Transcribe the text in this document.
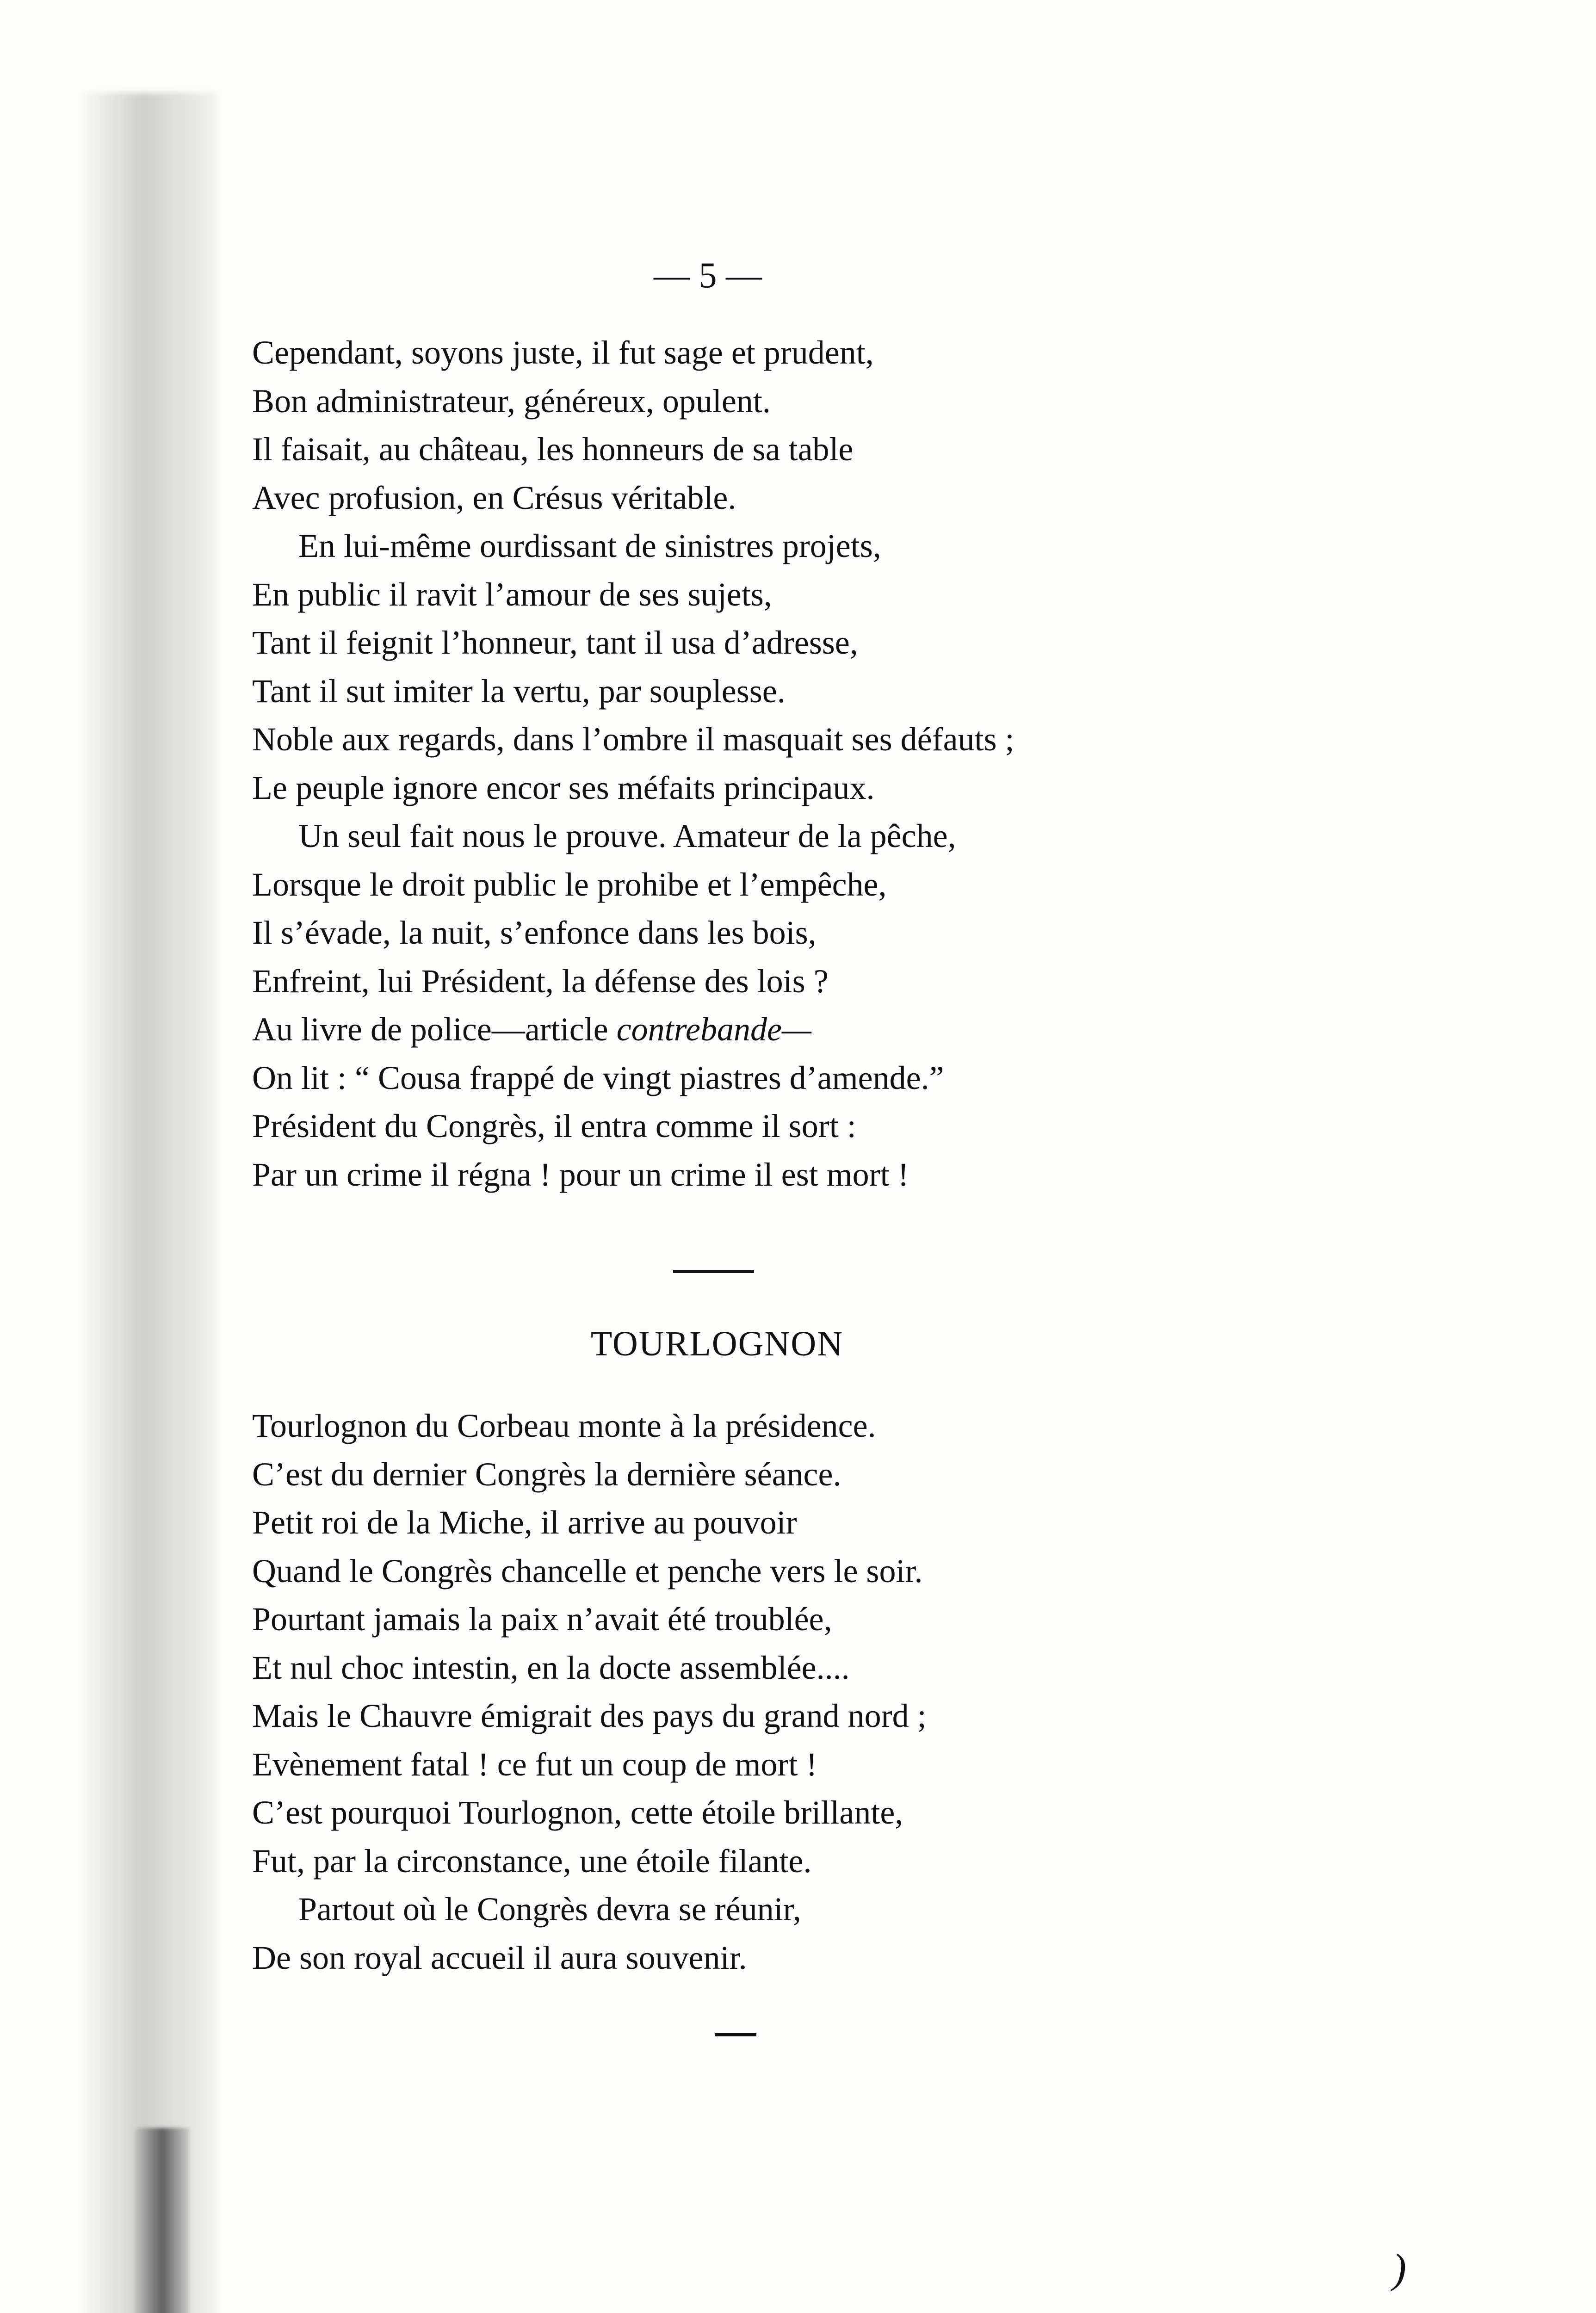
— 5 —
Cependant, soyons juste, il fut sage et prudent,
Bon administrateur, généreux, opulent.
Il faisait, au château, les honneurs de sa table
Avec profusion, en Crésus véritable.
En lui-même ourdissant de sinistres projets,
En public il ravit l’amour de ses sujets,
Tant il feignit l’honneur, tant il usa d’adresse,
Tant il sut imiter la vertu, par souplesse.
Noble aux regards, dans l’ombre il masquait ses défauts ;
Le peuple ignore encor ses méfaits principaux.
Un seul fait nous le prouve. Amateur de la pêche,
Lorsque le droit public le prohibe et l’empêche,
Il s’évade, la nuit, s’enfonce dans les bois,
Enfreint, lui Président, la défense des lois ?
Au livre de police—article contrebande—
On lit : “ Cousa frappé de vingt piastres d’amende.”
Président du Congrès, il entra comme il sort :
Par un crime il régna ! pour un crime il est mort !
TOURLOGNON
Tourlognon du Corbeau monte à la présidence.
C’est du dernier Congrès la dernière séance.
Petit roi de la Miche, il arrive au pouvoir
Quand le Congrès chancelle et penche vers le soir.
Pourtant jamais la paix n’avait été troublée,
Et nul choc intestin, en la docte assemblée....
Mais le Chauvre émigrait des pays du grand nord ;
Evènement fatal ! ce fut un coup de mort !
C’est pourquoi Tourlognon, cette étoile brillante,
Fut, par la circonstance, une étoile filante.
Partout où le Congrès devra se réunir,
De son royal accueil il aura souvenir.
)
